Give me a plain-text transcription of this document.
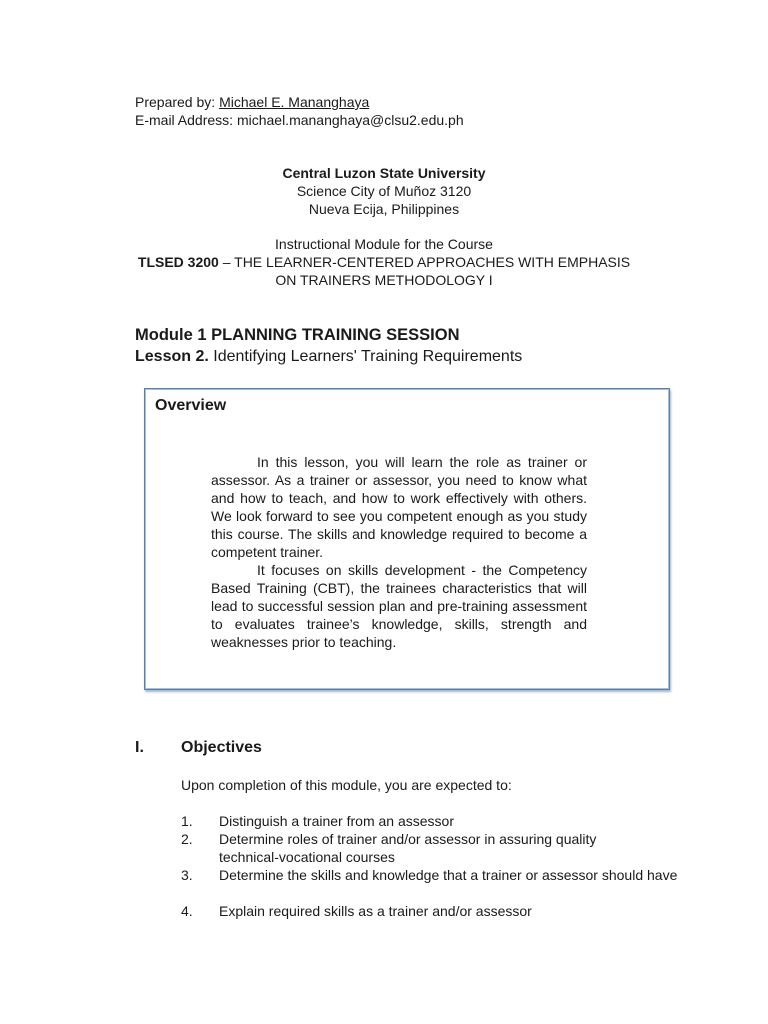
Prepared by: Michael E. Mananghaya
E-mail Address: michael.mananghaya@clsu2.edu.ph
Central Luzon State University
Science City of Muñoz 3120
Nueva Ecija, Philippines
Instructional Module for the Course
TLSED 3200 – THE LEARNER-CENTERED APPROACHES WITH EMPHASIS
ON TRAINERS METHODOLOGY I
Module 1 PLANNING TRAINING SESSION
Lesson 2. Identifying Learners' Training Requirements
Overview

In this lesson, you will learn the role as trainer or assessor. As a trainer or assessor, you need to know what and how to teach, and how to work effectively with others. We look forward to see you competent enough as you study this course. The skills and knowledge required to become a competent trainer.

It focuses on skills development - the Competency Based Training (CBT), the trainees characteristics that will lead to successful session plan and pre-training assessment to evaluates trainee’s knowledge, skills, strength and weaknesses prior to teaching.

I. Objectives
Upon completion of this module, you are expected to:
1.	Distinguish a trainer from an assessor
2.	Determine roles of trainer and/or assessor in assuring quality technical-vocational courses
3.	Determine the skills and knowledge that a trainer or assessor should have
4.	Explain required skills as a trainer and/or assessor
